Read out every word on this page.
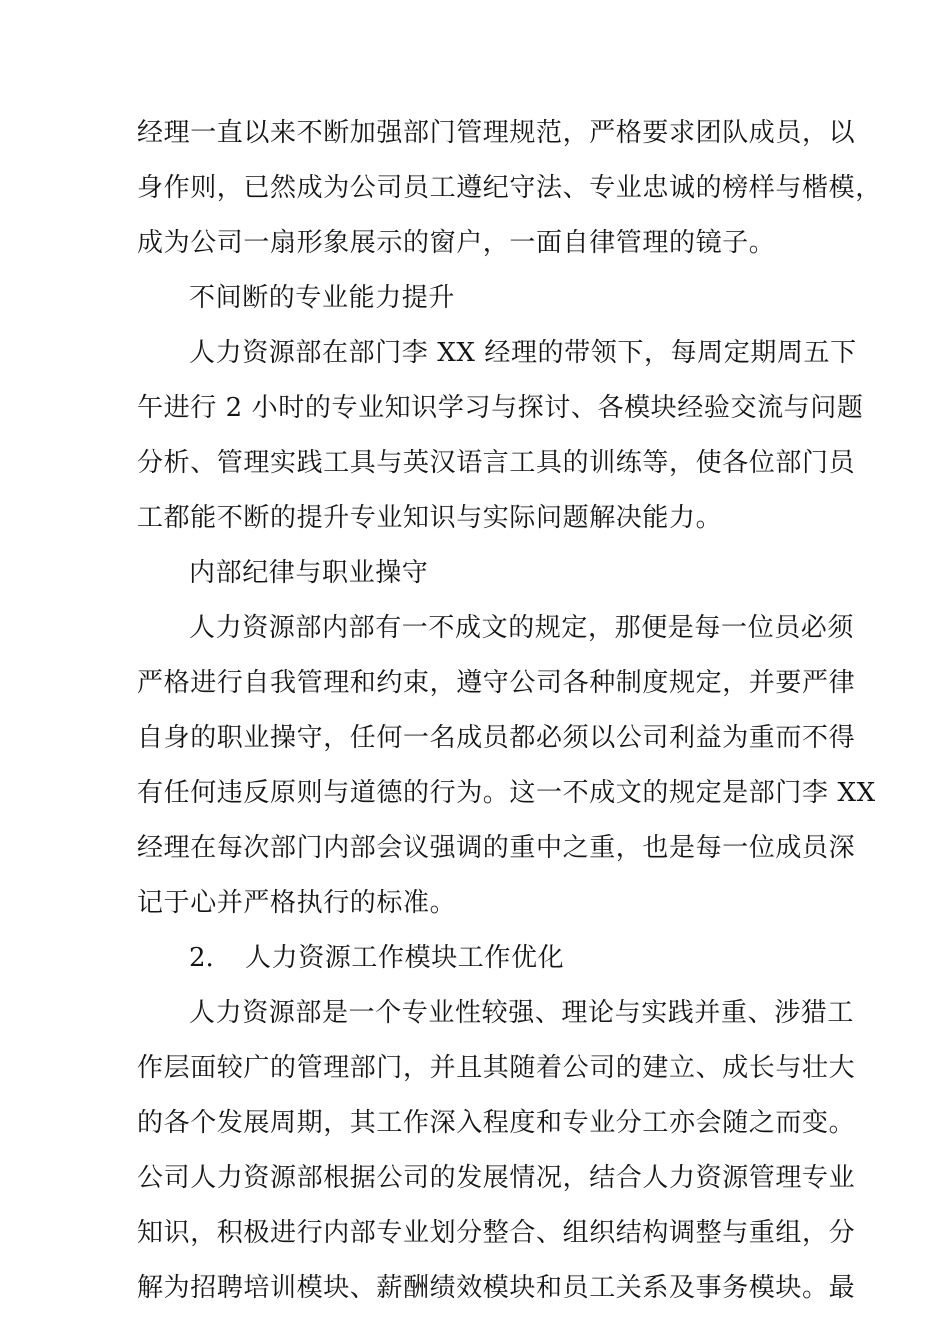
经理一直以来不断加强部门管理规范，严格要求团队成员，以
身作则，已然成为公司员工遵纪守法、专业忠诚的榜样与楷模，
成为公司一扇形象展示的窗户，一面自律管理的镜子。
不间断的专业能力提升
人力资源部在部门李 XX 经理的带领下，每周定期周五下
午进行 2 小时的专业知识学习与探讨、各模块经验交流与问题
分析、管理实践工具与英汉语言工具的训练等，使各位部门员
工都能不断的提升专业知识与实际问题解决能力。
内部纪律与职业操守
人力资源部内部有一不成文的规定，那便是每一位员必须
严格进行自我管理和约束，遵守公司各种制度规定，并要严律
自身的职业操守，任何一名成员都必须以公司利益为重而不得
有任何违反原则与道德的行为。这一不成文的规定是部门李 XX
经理在每次部门内部会议强调的重中之重，也是每一位成员深
记于心并严格执行的标准。
2. 人力资源工作模块工作优化
人力资源部是一个专业性较强、理论与实践并重、涉猎工
作层面较广的管理部门，并且其随着公司的建立、成长与壮大
的各个发展周期，其工作深入程度和专业分工亦会随之而变。
公司人力资源部根据公司的发展情况，结合人力资源管理专业
知识，积极进行内部专业划分整合、组织结构调整与重组，分
解为招聘培训模块、薪酬绩效模块和员工关系及事务模块。最
